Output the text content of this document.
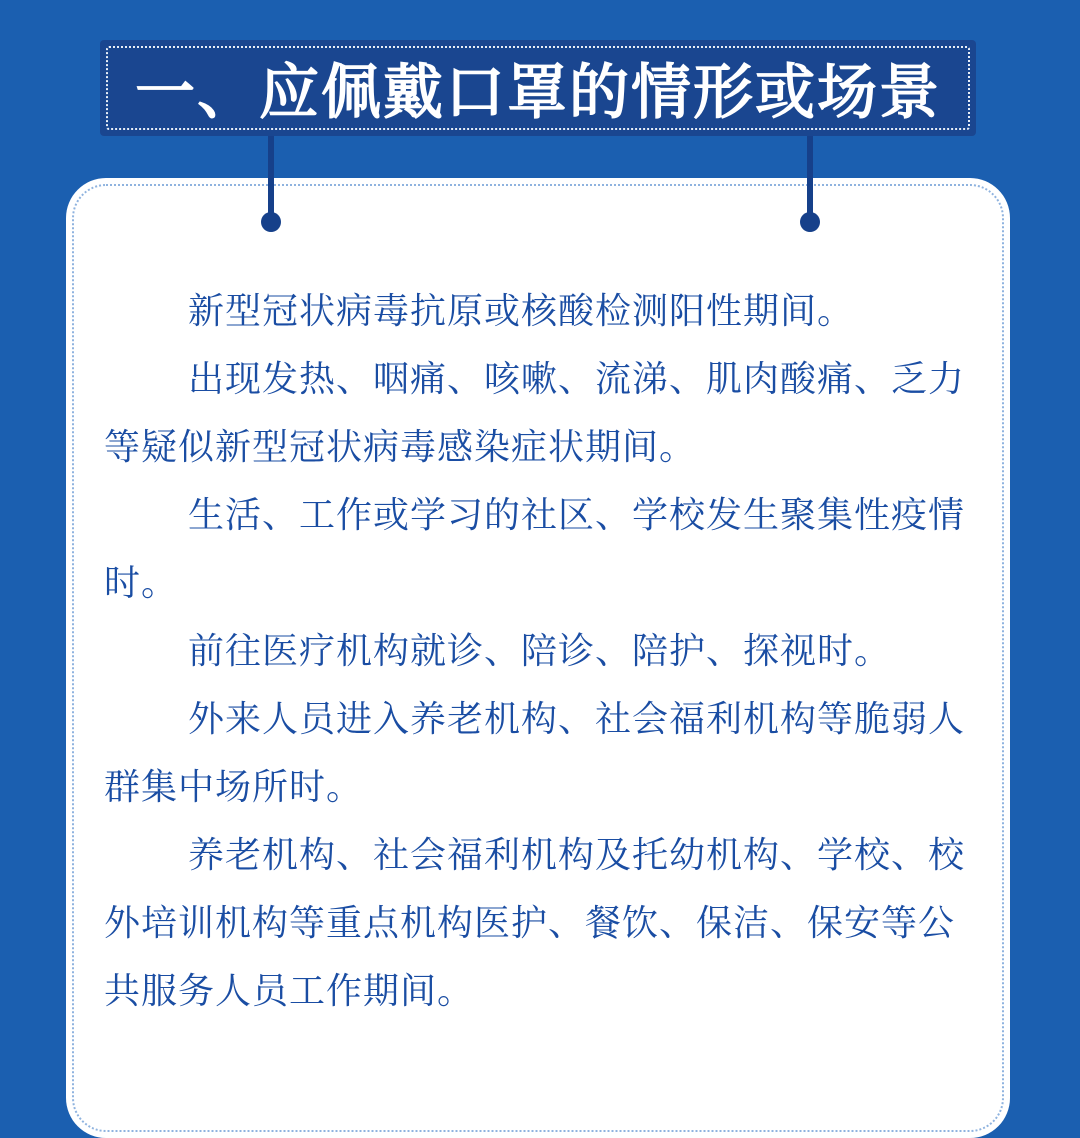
一、应佩戴口罩的情形或场景

新型冠状病毒抗原或核酸检测阳性期间。

出现发热、咽痛、咳嗽、流涕、肌肉酸痛、乏力等疑似新型冠状病毒感染症状期间。

生活、工作或学习的社区、学校发生聚集性疫情时。

前往医疗机构就诊、陪诊、陪护、探视时。

外来人员进入养老机构、社会福利机构等脆弱人群集中场所时。

养老机构、社会福利机构及托幼机构、学校、校外培训机构等重点机构医护、餐饮、保洁、保安等公共服务人员工作期间。
